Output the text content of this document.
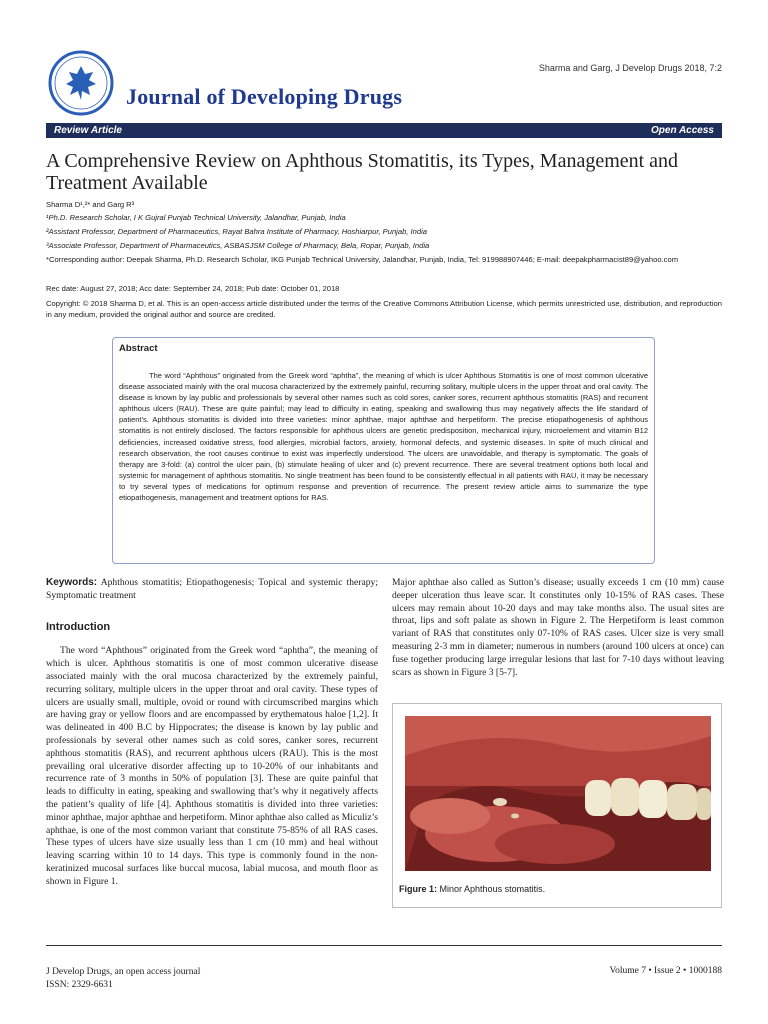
Journal of Developing Drugs
Sharma and Garg, J Develop Drugs 2018, 7:2
Review Article	Open Access
A Comprehensive Review on Aphthous Stomatitis, its Types, Management and Treatment Available
Sharma D¹,²* and Garg R³
¹Ph.D. Research Scholar, I K Gujral Punjab Technical University, Jalandhar, Punjab, India
²Assistant Professor, Department of Pharmaceutics, Rayat Bahra Institute of Pharmacy, Hoshiarpur, Punjab, India
³Associate Professor, Department of Pharmaceutics, ASBASJSM College of Pharmacy, Bela, Ropar, Punjab, India
*Corresponding author: Deepak Sharma, Ph.D. Research Scholar, IKG Punjab Technical University, Jalandhar, Punjab, India, Tel: 919988907446; E-mail: deepakpharmacist89@yahoo.com
Rec date: August 27, 2018; Acc date: September 24, 2018; Pub date: October 01, 2018
Copyright: © 2018 Sharma D, et al. This is an open-access article distributed under the terms of the Creative Commons Attribution License, which permits unrestricted use, distribution, and reproduction in any medium, provided the original author and source are credited.
Abstract
The word “Aphthous” originated from the Greek word “aphtha”, the meaning of which is ulcer Aphthous Stomatitis is one of most common ulcerative disease associated mainly with the oral mucosa characterized by the extremely painful, recurring solitary, multiple ulcers in the upper throat and oral cavity. The disease is known by lay public and professionals by several other names such as cold sores, canker sores, recurrent aphthous stomatitis (RAS) and recurrent aphthous ulcers (RAU). These are quite painful; may lead to difficulty in eating, speaking and swallowing thus may negatively affects the life standard of patient’s. Aphthous stomatitis is divided into three varieties: minor aphthae, major aphthae and herpetiform. The precise etiopathogenesis of aphthous stomatitis is not entirely disclosed. The factors responsible for aphthous ulcers are genetic predisposition, mechanical injury, microelement and vitamin B12 deficiencies, increased oxidative stress, food allergies, microbial factors, anxiety, hormonal defects, and systemic diseases. In spite of much clinical and research observation, the root causes continue to exist was imperfectly understood. The ulcers are unavoidable, and therapy is symptomatic. The goals of therapy are 3-fold: (a) control the ulcer pain, (b) stimulate healing of ulcer and (c) prevent recurrence. There are several treatment options both local and systemic for management of aphthous stomatitis. No single treatment has been found to be consistently effectual in all patients with RAU, it may be necessary to try several types of medications for optimum response and prevention of recurrence. The present review article aims to summarize the type etiopathogenesis, management and treatment options for RAS.
Keywords: Aphthous stomatitis; Etiopathogenesis; Topical and systemic therapy; Symptomatic treatment
Introduction
The word “Aphthous” originated from the Greek word “aphtha”, the meaning of which is ulcer. Aphthous stomatitis is one of most common ulcerative disease associated mainly with the oral mucosa characterized by the extremely painful, recurring solitary, multiple ulcers in the upper throat and oral cavity. These types of ulcers are usually small, multiple, ovoid or round with circumscribed margins which are having gray or yellow floors and are encompassed by erythematous haloe [1,2]. It was delineated in 400 B.C by Hippocrates; the disease is known by lay public and professionals by several other names such as cold sores, canker sores, recurrent aphthous stomatitis (RAS), and recurrent aphthous ulcers (RAU). This is the most prevailing oral ulcerative disorder affecting up to 10-20% of our inhabitants and recurrence rate of 3 months in 50% of population [3]. These are quite painful that leads to difficulty in eating, speaking and swallowing that’s why it negatively affects the patient’s quality of life [4]. Aphthous stomatitis is divided into three varieties: minor aphthae, major aphthae and herpetiform. Minor aphthae also called as Miculiz’s aphthae, is one of the most common variant that constitute 75-85% of all RAS cases. These types of ulcers have size usually less than 1 cm (10 mm) and heal without leaving scarring within 10 to 14 days. This type is commonly found in the non-keratinized mucosal surfaces like buccal mucosa, labial mucosa, and mouth floor as shown in Figure 1.
Major aphthae also called as Sutton’s disease; usually exceeds 1 cm (10 mm) cause deeper ulceration thus leave scar. It constitutes only 10-15% of RAS cases. These ulcers may remain about 10-20 days and may take months also. The usual sites are throat, lips and soft palate as shown in Figure 2. The Herpetiform is least common variant of RAS that constitutes only 07-10% of RAS cases. Ulcer size is very small measuring 2-3 mm in diameter; numerous in numbers (around 100 ulcers at once) can fuse together producing large irregular lesions that last for 7-10 days without leaving scars as shown in Figure 3 [5-7].
Figure 1: Minor Aphthous stomatitis.
J Develop Drugs, an open access journal
ISSN: 2329-6631
Volume 7 • Issue 2 • 1000188
